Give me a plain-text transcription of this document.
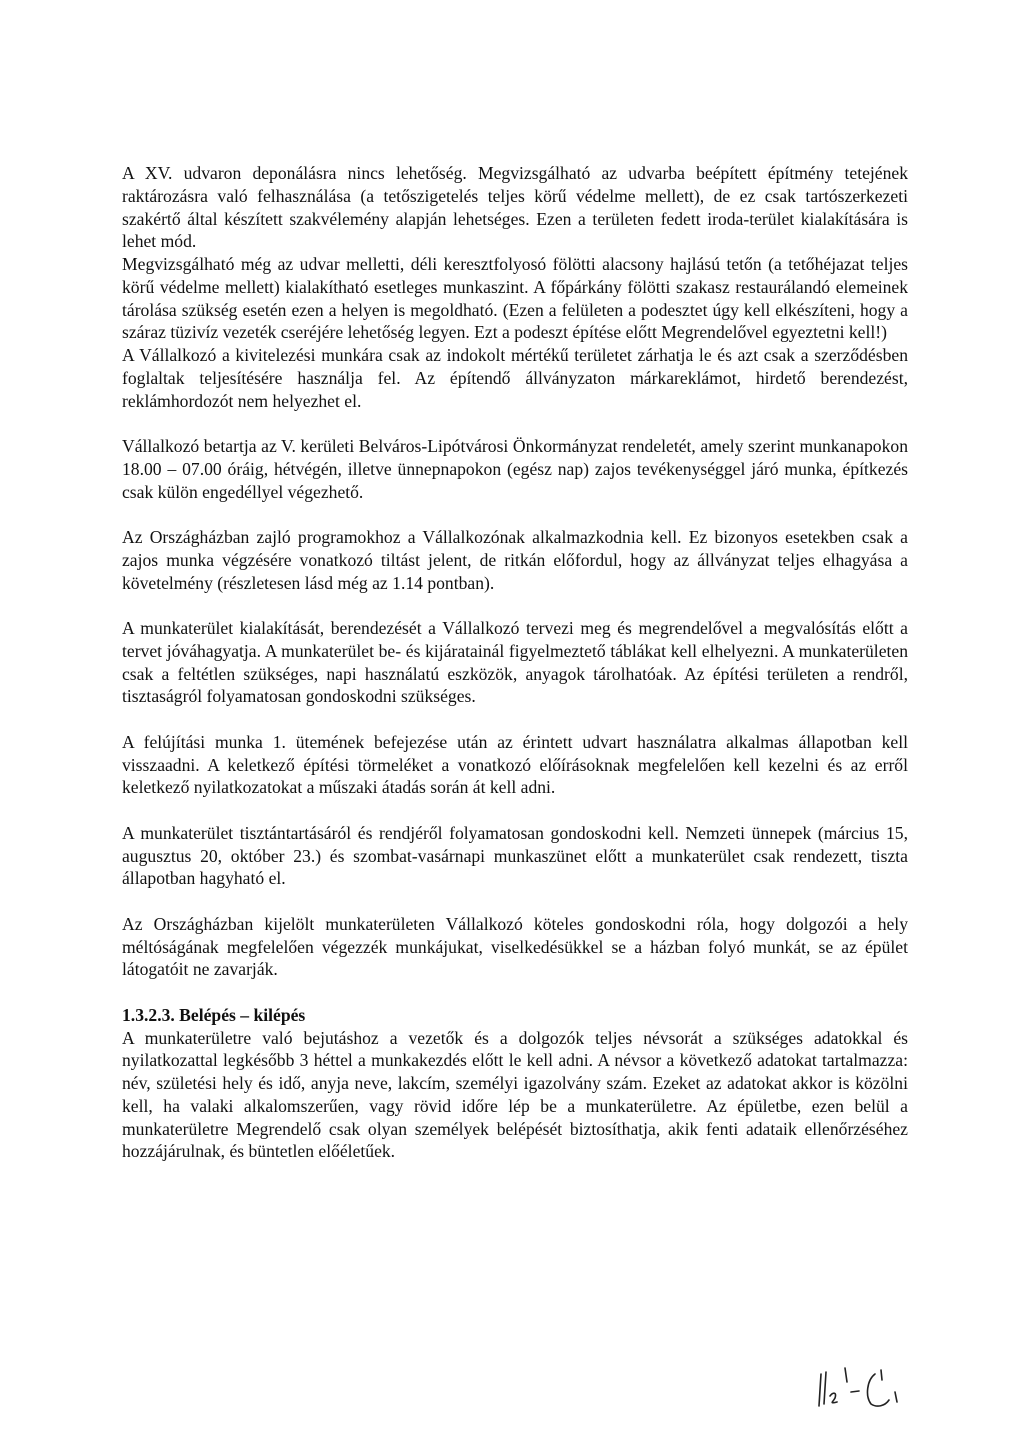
A XV. udvaron deponálásra nincs lehetőség. Megvizsgálható az udvarba beépített építmény tetejének raktározásra való felhasználása (a tetőszigetelés teljes körű védelme mellett), de ez csak tartószerkezeti szakértő által készített szakvélemény alapján lehetséges. Ezen a területen fedett iroda-terület kialakítására is lehet mód.

Megvizsgálható még az udvar melletti, déli keresztfolyosó fölötti alacsony hajlású tetőn (a tetőhéjazat teljes körű védelme mellett) kialakítható esetleges munkaszint. A főpárkány fölötti szakasz restaurálandó elemeinek tárolása szükség esetén ezen a helyen is megoldható. (Ezen a felületen a podesztet úgy kell elkészíteni, hogy a száraz tüzivíz vezeték cseréjére lehetőség legyen. Ezt a podeszt építése előtt Megrendelővel egyeztetni kell!)

A Vállalkozó a kivitelezési munkára csak az indokolt mértékű területet zárhatja le és azt csak a szerződésben foglaltak teljesítésére használja fel. Az építendő állványzaton márkareklámot, hirdető berendezést, reklámhordozót nem helyezhet el.

Vállalkozó betartja az V. kerületi Belváros-Lipótvárosi Önkormányzat rendeletét, amely szerint munkanapokon 18.00 – 07.00 óráig, hétvégén, illetve ünnepnapokon (egész nap) zajos tevékenységgel járó munka, építkezés csak külön engedéllyel végezhető.

Az Országházban zajló programokhoz a Vállalkozónak alkalmazkodnia kell. Ez bizonyos esetekben csak a zajos munka végzésére vonatkozó tiltást jelent, de ritkán előfordul, hogy az állványzat teljes elhagyása a követelmény (részletesen lásd még az 1.14 pontban).

A munkaterület kialakítását, berendezését a Vállalkozó tervezi meg és megrendelővel a megvalósítás előtt a tervet jóváhagyatja. A munkaterület be- és kijáratainál figyelmeztető táblákat kell elhelyezni. A munkaterületen csak a feltétlen szükséges, napi használatú eszközök, anyagok tárolhatóak. Az építési területen a rendről, tisztaságról folyamatosan gondoskodni szükséges.

A felújítási munka 1. ütemének befejezése után az érintett udvart használatra alkalmas állapotban kell visszaadni. A keletkező építési törmeléket a vonatkozó előírásoknak megfelelően kell kezelni és az erről keletkező nyilatkozatokat a műszaki átadás során át kell adni.

A munkaterület tisztántartásáról és rendjéről folyamatosan gondoskodni kell. Nemzeti ünnepek (március 15, augusztus 20, október 23.) és szombat-vasárnapi munkaszünet előtt a munkaterület csak rendezett, tiszta állapotban hagyható el.

Az Országházban kijelölt munkaterületen Vállalkozó köteles gondoskodni róla, hogy dolgozói a hely méltóságának megfelelően végezzék munkájukat, viselkedésükkel se a házban folyó munkát, se az épület látogatóit ne zavarják.

1.3.2.3. Belépés – kilépés

A munkaterületre való bejutáshoz a vezetők és a dolgozók teljes névsorát a szükséges adatokkal és nyilatkozattal legkésőbb 3 héttel a munkakezdés előtt le kell adni. A névsor a következő adatokat tartalmazza: név, születési hely és idő, anyja neve, lakcím, személyi igazolvány szám. Ezeket az adatokat akkor is közölni kell, ha valaki alkalomszerűen, vagy rövid időre lép be a munkaterületre. Az épületbe, ezen belül a munkaterületre Megrendelő csak olyan személyek belépését biztosíthatja, akik fenti adataik ellenőrzéséhez hozzájárulnak, és büntetlen előéletűek.
